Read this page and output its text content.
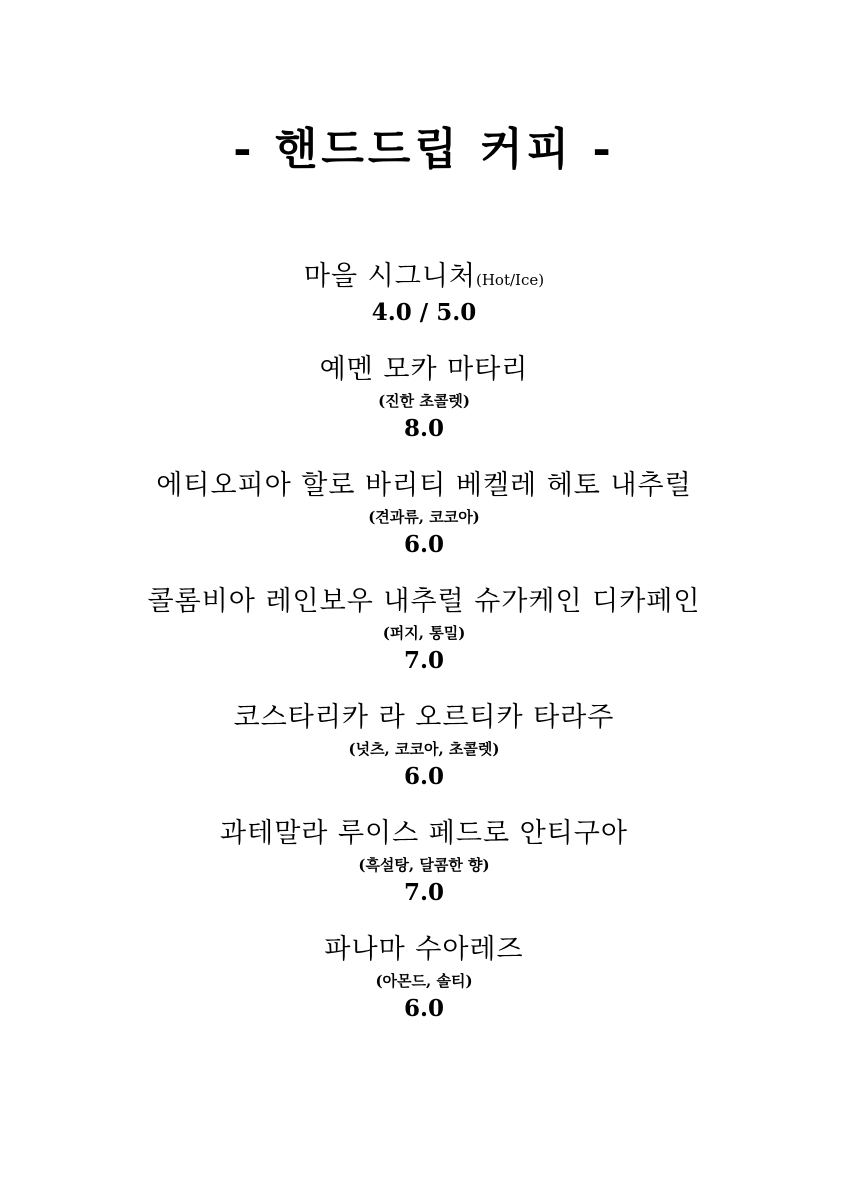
- 핸드드립 커피 -
마을 시그니처(Hot/Ice)
4.0 / 5.0
예멘 모카 마타리
(진한 초콜렛)
8.0
에티오피아 할로 바리티 베켈레 헤토 내추럴
(견과류, 코코아)
6.0
콜롬비아 레인보우 내추럴 슈가케인 디카페인
(퍼지, 통밀)
7.0
코스타리카 라 오르티카 타라주
(넛츠, 코코아, 초콜렛)
6.0
과테말라 루이스 페드로 안티구아
(흑설탕, 달콤한 향)
7.0
파나마 수아레즈
(아몬드, 솔티)
6.0
